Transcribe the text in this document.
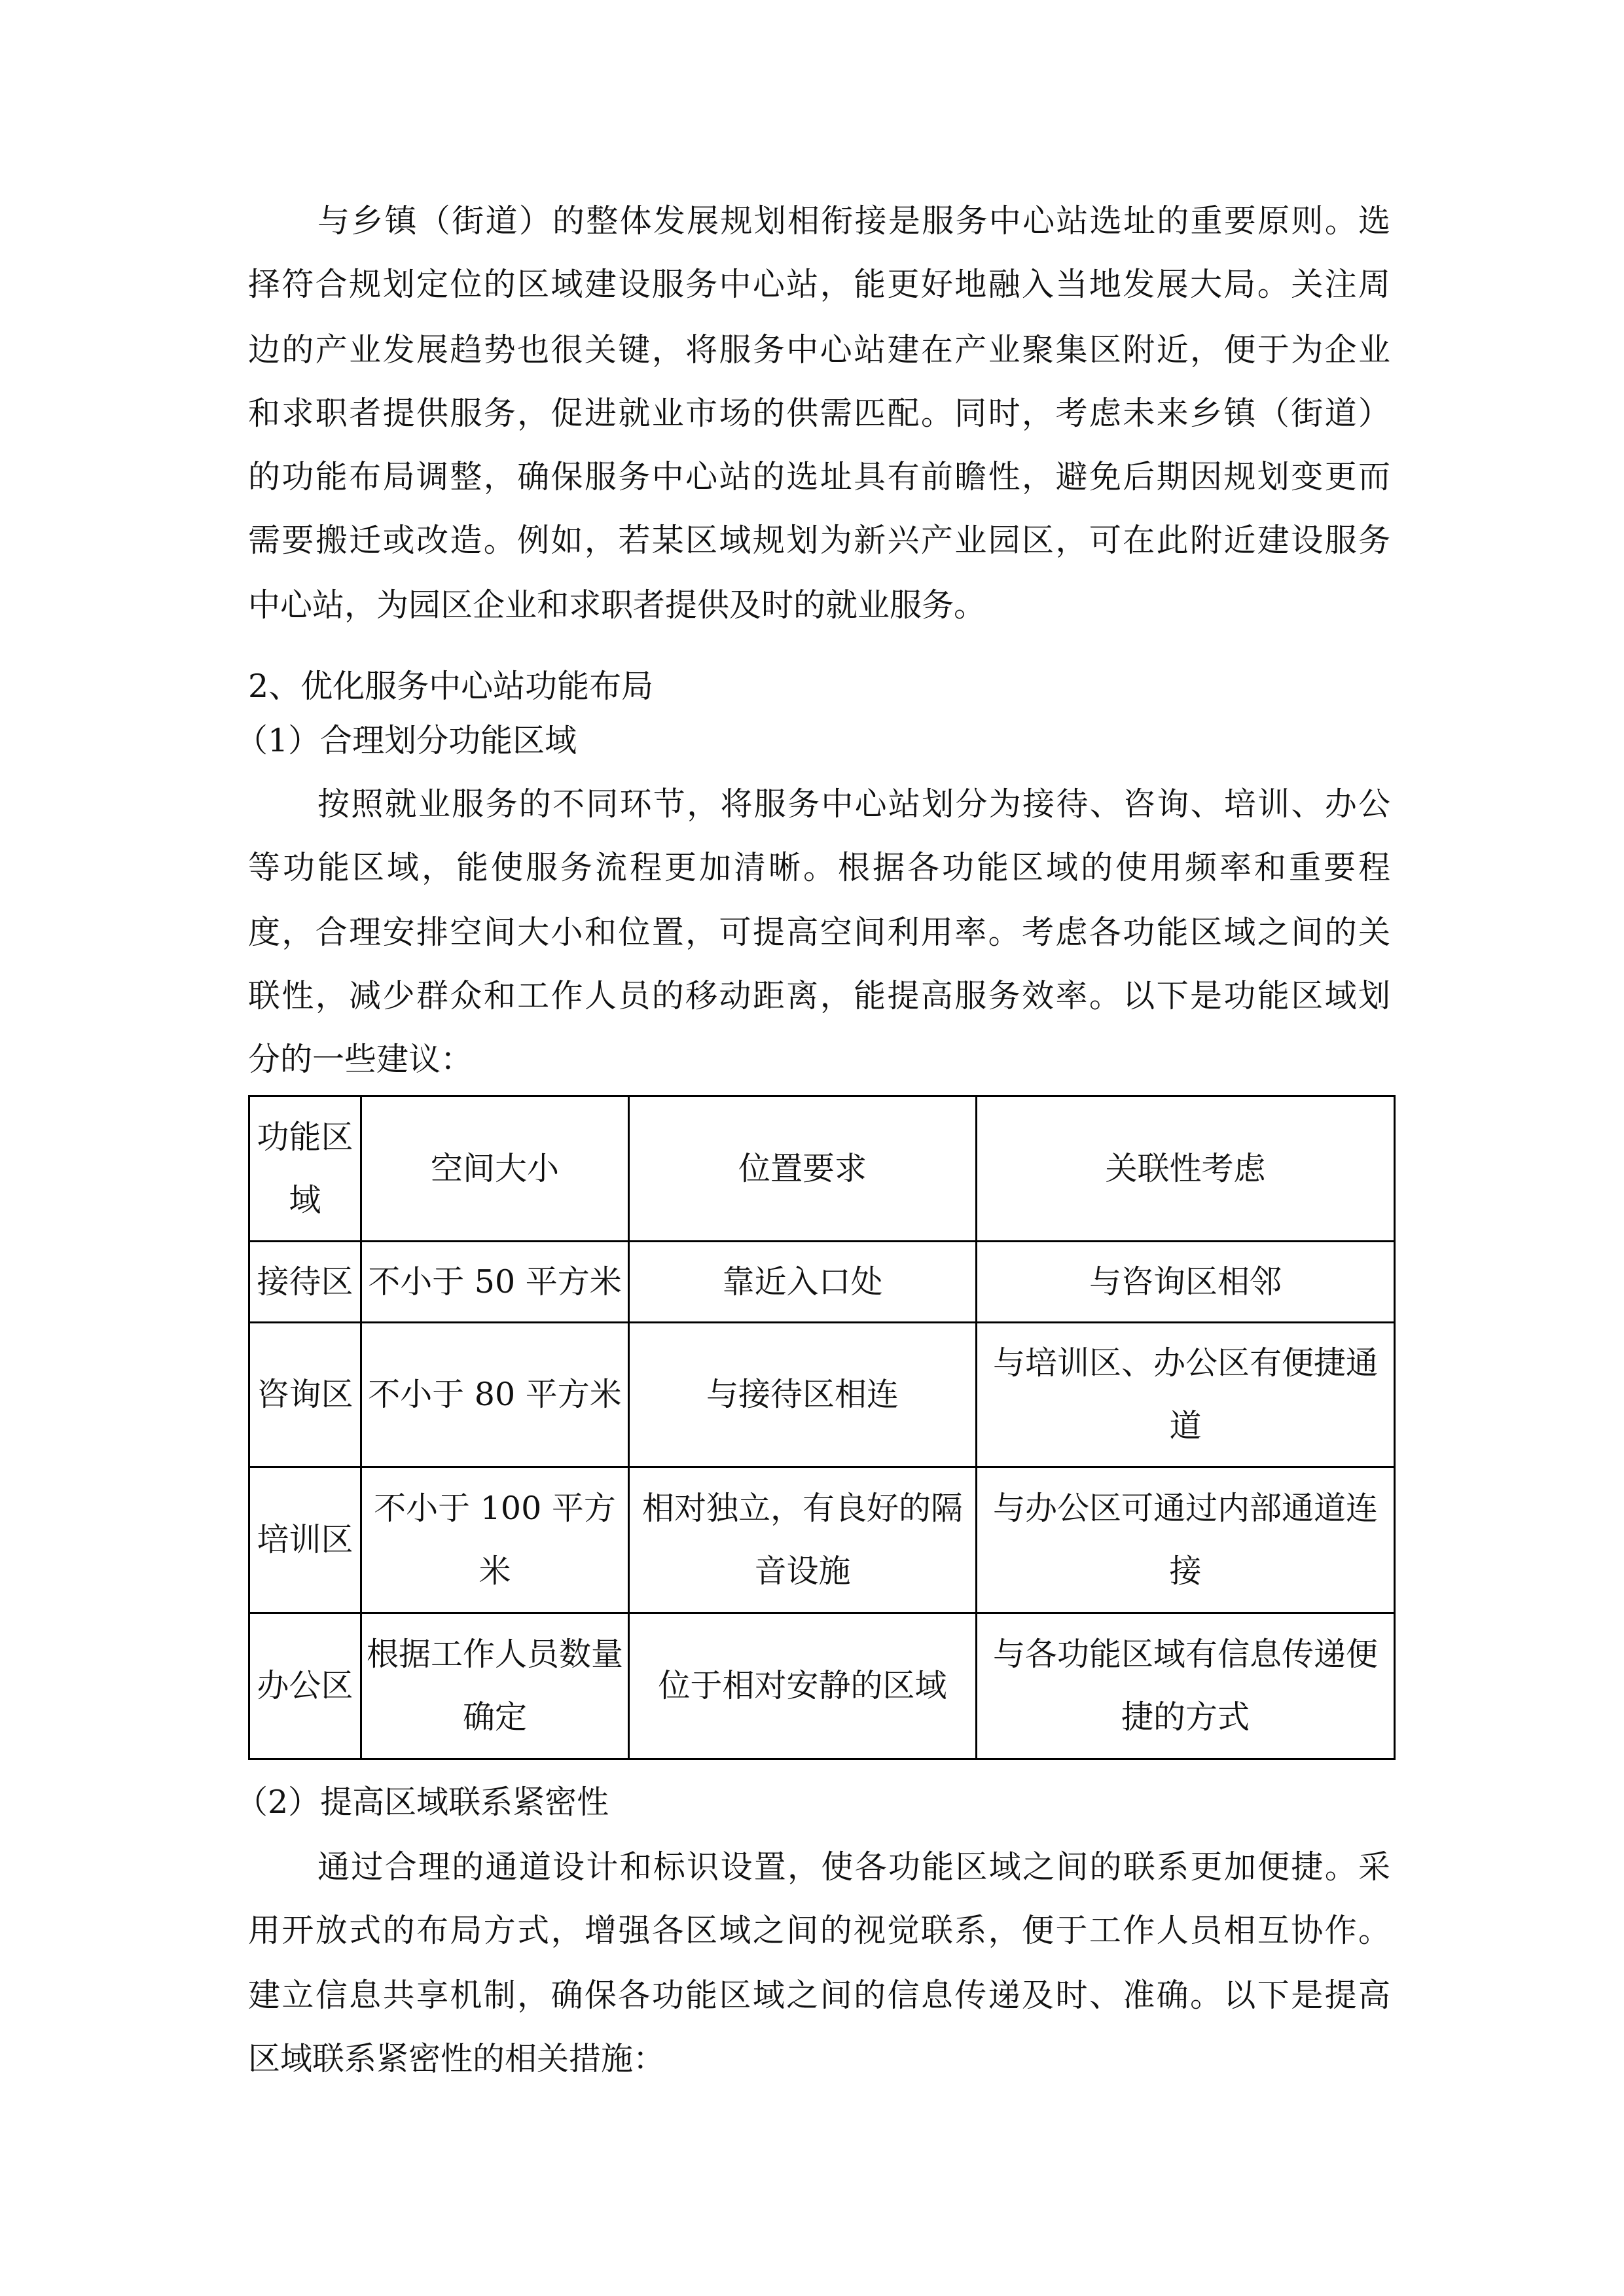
与乡镇（街道）的整体发展规划相衔接是服务中心站选址的重要原则。选
择符合规划定位的区域建设服务中心站，能更好地融入当地发展大局。关注周
边的产业发展趋势也很关键，将服务中心站建在产业聚集区附近，便于为企业
和求职者提供服务，促进就业市场的供需匹配。同时，考虑未来乡镇（街道）
的功能布局调整，确保服务中心站的选址具有前瞻性，避免后期因规划变更而
需要搬迁或改造。例如，若某区域规划为新兴产业园区，可在此附近建设服务
中心站，为园区企业和求职者提供及时的就业服务。
2、优化服务中心站功能布局
（1）合理划分功能区域
按照就业服务的不同环节，将服务中心站划分为接待、咨询、培训、办公
等功能区域，能使服务流程更加清晰。根据各功能区域的使用频率和重要程
度，合理安排空间大小和位置，可提高空间利用率。考虑各功能区域之间的关
联性，减少群众和工作人员的移动距离，能提高服务效率。以下是功能区域划
分的一些建议：
功能区域	空间大小	位置要求	关联性考虑
接待区	不小于 50 平方米	靠近入口处	与咨询区相邻
咨询区	不小于 80 平方米	与接待区相连	与培训区、办公区有便捷通道
培训区	不小于 100 平方米	相对独立，有良好的隔音设施	与办公区可通过内部通道连接
办公区	根据工作人员数量确定	位于相对安静的区域	与各功能区域有信息传递便捷的方式
（2）提高区域联系紧密性
通过合理的通道设计和标识设置，使各功能区域之间的联系更加便捷。采
用开放式的布局方式，增强各区域之间的视觉联系，便于工作人员相互协作。
建立信息共享机制，确保各功能区域之间的信息传递及时、准确。以下是提高
区域联系紧密性的相关措施：
